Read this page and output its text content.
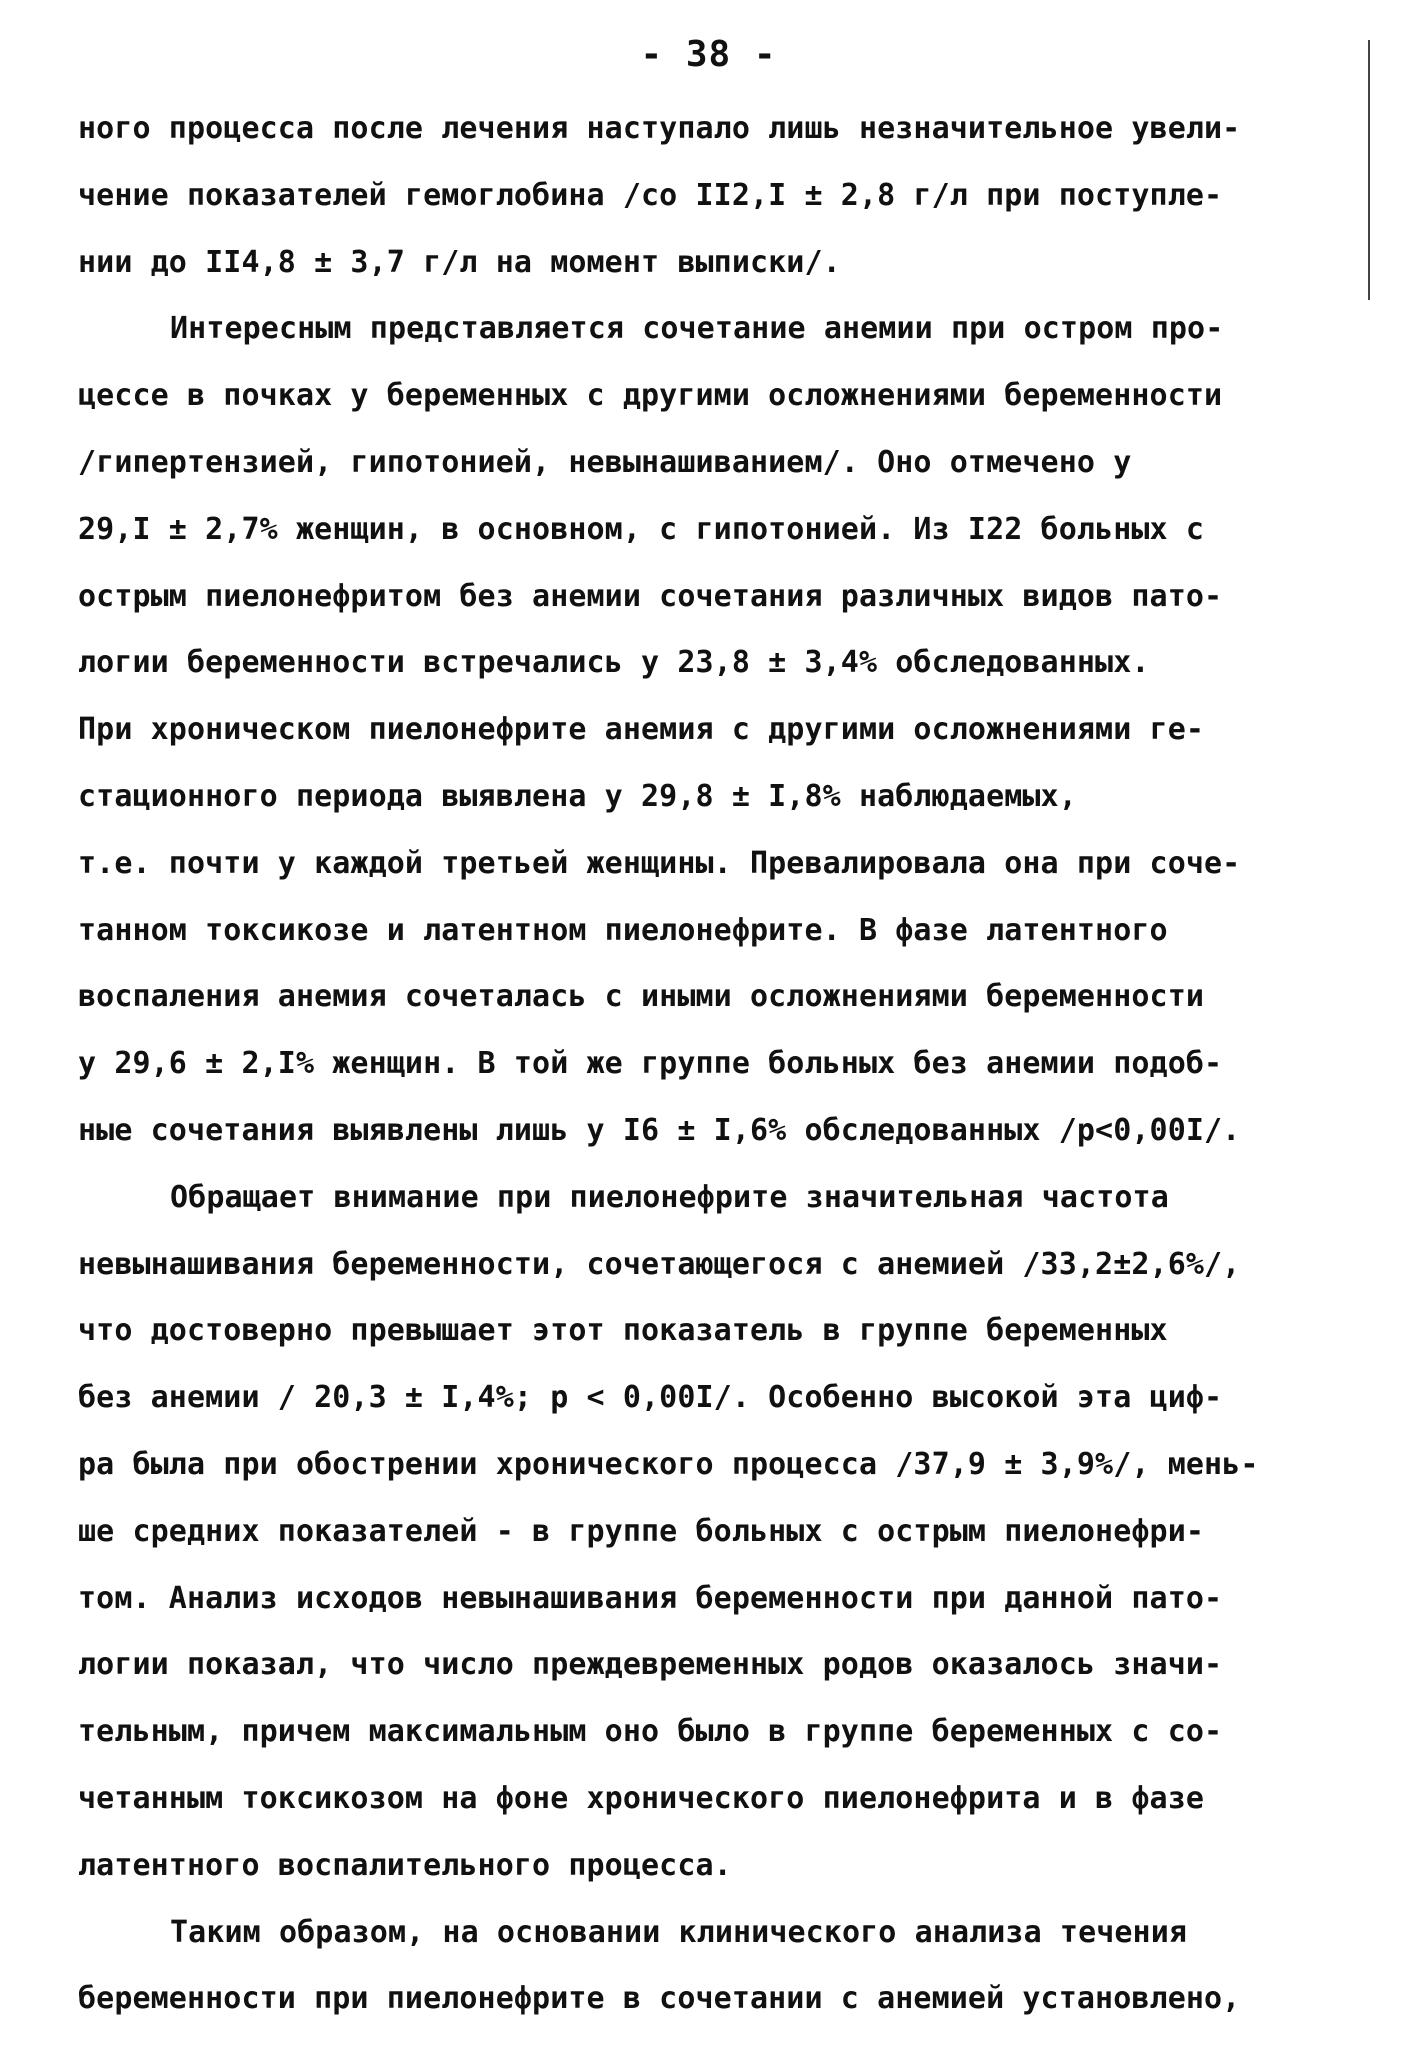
- 38 -
ного процесса после лечения наступало лишь незначительное увели-
чение показателей гемоглобина /со II2,I ± 2,8 г/л при поступле-
нии до II4,8 ± 3,7 г/л на момент выписки/.
Интересным представляется сочетание анемии при остром про-
цессе в почках у беременных с другими осложнениями беременности
/гипертензией, гипотонией, невынашиванием/. Оно отмечено у
29,I ± 2,7% женщин, в основном, с гипотонией. Из I22 больных с
острым пиелонефритом без анемии сочетания различных видов пато-
логии беременности встречались у 23,8 ± 3,4% обследованных.
При хроническом пиелонефрите анемия с другими осложнениями ге-
стационного периода выявлена у 29,8 ± I,8% наблюдаемых,
т.е. почти у каждой третьей женщины. Превалировала она при соче-
танном токсикозе и латентном пиелонефрите. В фазе латентного
воспаления анемия сочеталась с иными осложнениями беременности
у 29,6 ± 2,I% женщин. В той же группе больных без анемии подоб-
ные сочетания выявлены лишь у I6 ± I,6% обследованных /p<0,00I/.
Обращает внимание при пиелонефрите значительная частота
невынашивания беременности, сочетающегося с анемией /33,2±2,6%/,
что достоверно превышает этот показатель в группе беременных
без анемии / 20,3 ± I,4%; p < 0,00I/. Особенно высокой эта циф-
ра была при обострении хронического процесса /37,9 ± 3,9%/, мень-
ше средних показателей - в группе больных с острым пиелонефри-
том. Анализ исходов невынашивания беременности при данной пато-
логии показал, что число преждевременных родов оказалось значи-
тельным, причем максимальным оно было в группе беременных с со-
четанным токсикозом на фоне хронического пиелонефрита и в фазе
латентного воспалительного процесса.
Таким образом, на основании клинического анализа течения
беременности при пиелонефрите в сочетании с анемией установлено,
